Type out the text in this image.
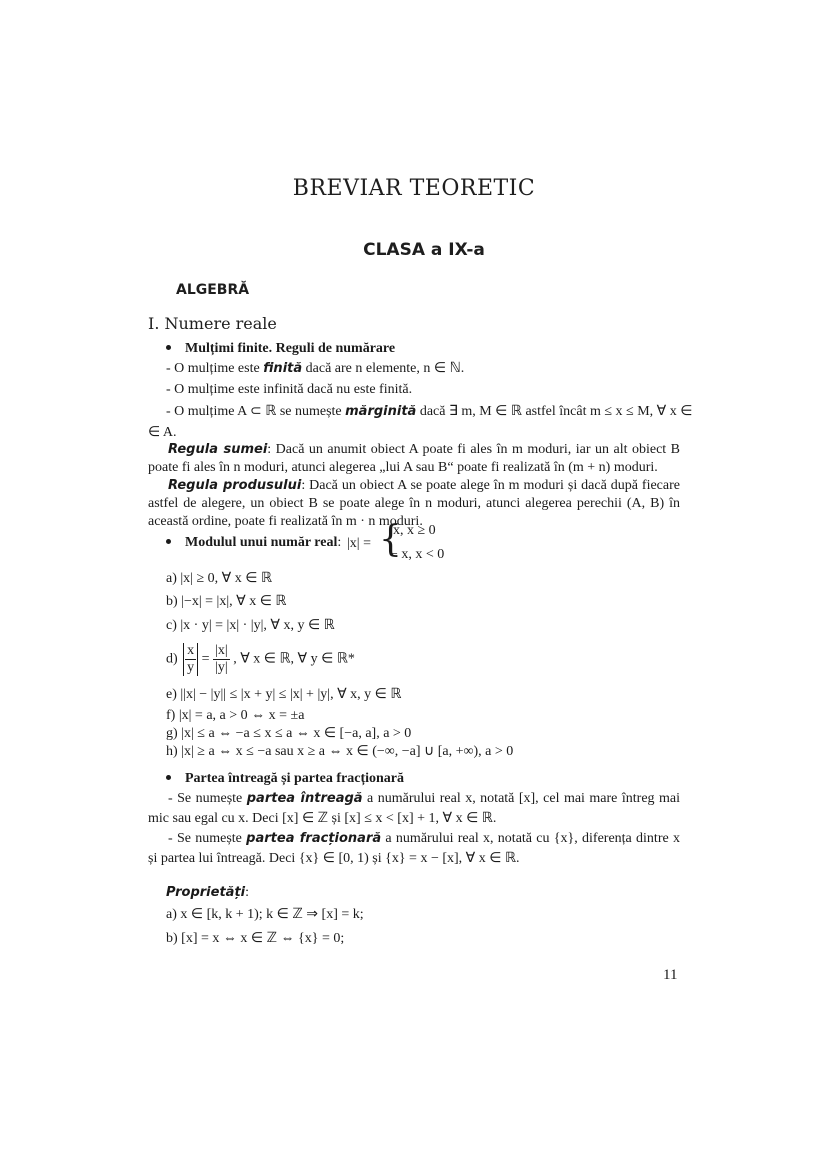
BREVIAR TEORETIC
CLASA a IX-a
ALGEBRĂ
I. Numere reale
Mulțimi finite. Reguli de numărare
- O mulțime este finită dacă are n elemente, n ∈ ℕ.
- O mulțime este infinită dacă nu este finită.
- O mulțime A ⊂ ℝ se numește mărginită dacă ∃ m, M ∈ ℝ astfel încât m ≤ x ≤ M, ∀ x ∈
∈ A.
Regula sumei: Dacă un anumit obiect A poate fi ales în m moduri, iar un alt obiect B poate fi ales în n moduri, atunci alegerea „lui A sau B“ poate fi realizată în (m + n) moduri.
Regula produsului: Dacă un obiect A se poate alege în m moduri și dacă după fiecare astfel de alegere, un obiect B se poate alege în n moduri, atunci alegerea perechii (A, B) în această ordine, poate fi realizată în m · n moduri.
Modulul unui număr real: |x| = {
x, x ≥ 0
− x, x < 0
a) |x| ≥ 0, ∀ x ∈ ℝ
b) |−x| = |x|, ∀ x ∈ ℝ
c) |x · y| = |x| · |y|, ∀ x, y ∈ ℝ
$d) \frac{x}{y} = \frac{|x|}{|y|}$ , ∀ x ∈ ℝ, ∀ y ∈ ℝ*
e) ||x| − |y|| ≤ |x + y| ≤ |x| + |y|, ∀ x, y ∈ ℝ
f) |x| = a, a > 0 ⇔ x = ±a
g) |x| ≤ a ⇔ −a ≤ x ≤ a ⇔ x ∈ [−a, a], a > 0
h) |x| ≥ a ⇔ x ≤ −a sau x ≥ a ⇔ x ∈ (−∞, −a] ∪ [a, +∞), a > 0
Partea întreagă și partea fracționară
- Se numește partea întreagă a numărului real x, notată [x], cel mai mare întreg mai mic sau egal cu x. Deci [x] ∈ ℤ și [x] ≤ x < [x] + 1, ∀ x ∈ ℝ.
- Se numește partea fracționară a numărului real x, notată cu {x}, diferența dintre x și partea lui întreagă. Deci {x} ∈ [0, 1) și {x} = x − [x], ∀ x ∈ ℝ.
Proprietăți:
a) x ∈ [k, k + 1); k ∈ ℤ ⇒ [x] = k;
b) [x] = x ⇔ x ∈ ℤ ⇔ {x} = 0;
11
